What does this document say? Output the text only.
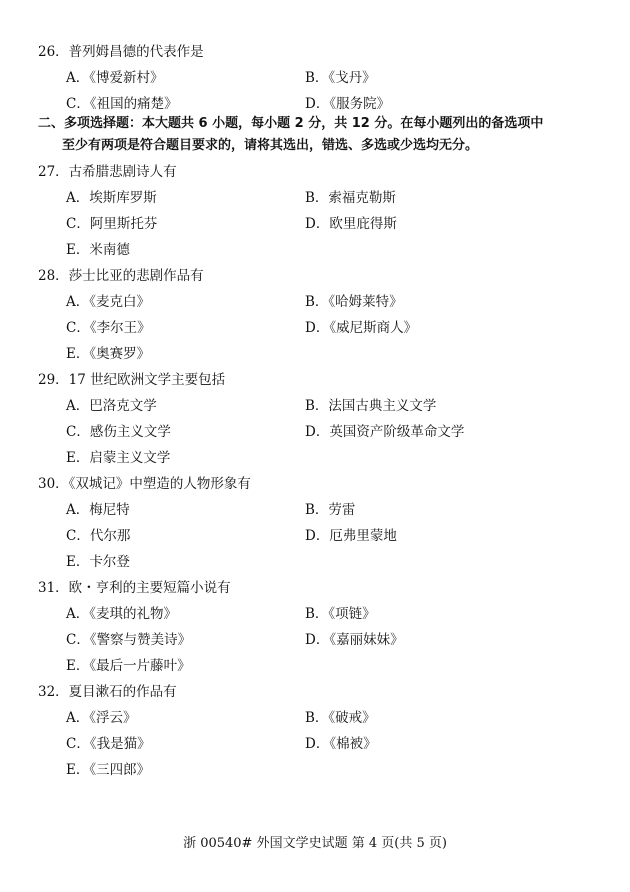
26．普列姆昌德的代表作是
A．《博爱新村》	B．《戈丹》
C．《祖国的痛楚》	D．《服务院》
二、多项选择题：本大题共 6 小题，每小题 2 分，共 12 分。在每小题列出的备选项中
至少有两项是符合题目要求的，请将其选出，错选、多选或少选均无分。
27．古希腊悲剧诗人有
A．埃斯库罗斯	B．索福克勒斯
C．阿里斯托芬	D．欧里庇得斯
E．米南德
28．莎士比亚的悲剧作品有
A．《麦克白》	B．《哈姆莱特》
C．《李尔王》	D．《威尼斯商人》
E．《奥赛罗》
29．17 世纪欧洲文学主要包括
A．巴洛克文学	B．法国古典主义文学
C．感伤主义文学	D．英国资产阶级革命文学
E．启蒙主义文学
30．《双城记》中塑造的人物形象有
A．梅尼特	B．劳雷
C．代尔那	D．厄弗里蒙地
E．卡尔登
31．欧・亨利的主要短篇小说有
A．《麦琪的礼物》	B．《项链》
C．《警察与赞美诗》	D．《嘉丽妹妹》
E．《最后一片藤叶》
32．夏目漱石的作品有
A．《浮云》	B．《破戒》
C．《我是猫》	D．《棉被》
E．《三四郎》
浙 00540# 外国文学史试题 第 4 页(共 5 页)
